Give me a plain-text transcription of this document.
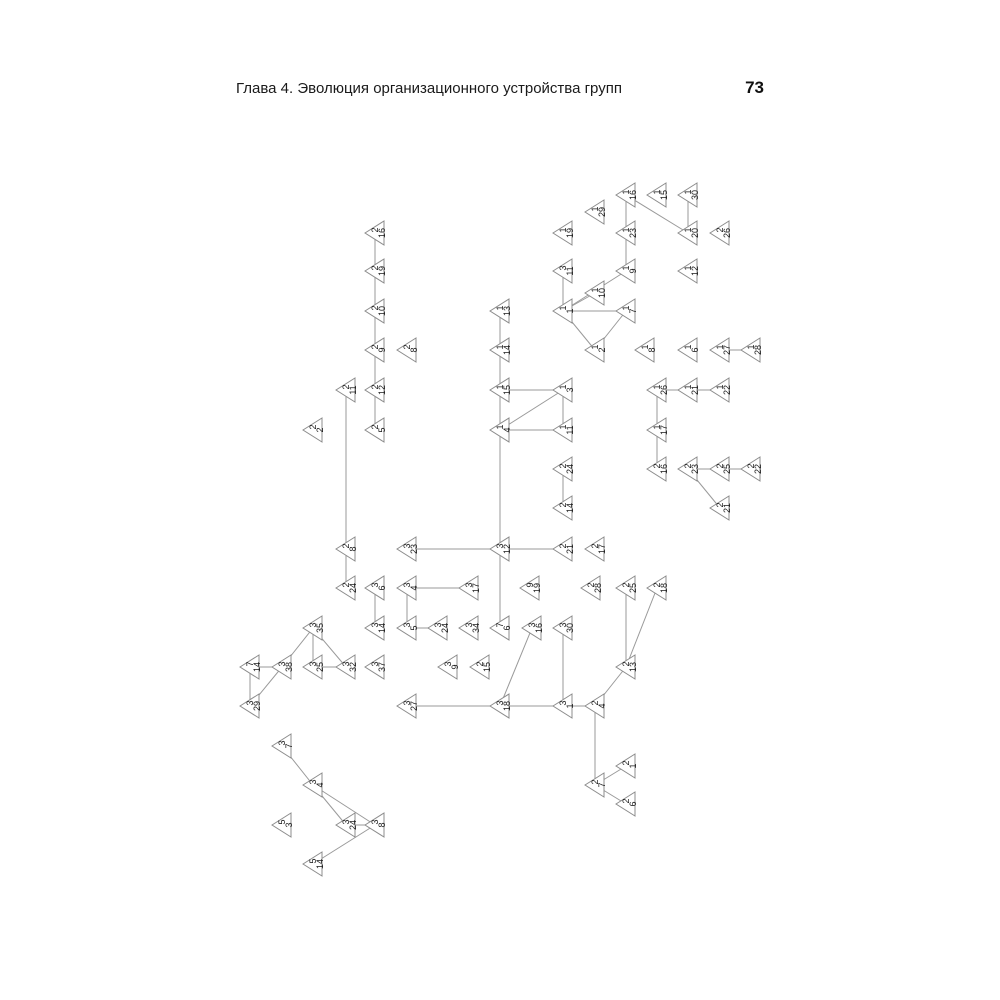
Глава 4. Эволюция организационного устройства групп	73
2
16
2
19
2
10
2
9
2
8
2
11 2
12
2
2
2
5
2
8
3
23
2
24 3
6
3
4
3
17
3
35	3
14 3
5
3
24 3
34
7
14 3
38 3
25 3
32 3
37	3
9
2
15
3
29	3
27
3
7
3
4
5
3
3
24 3
8
5
14
1
13
1
14
1
15	1
3
1
4
1
11
2
24
2
14
3
12	2
21 2
17
9
19	2
28
7
6
3
16 3
30
3
18	3
1
2
25 2
18
2
13
2
4
2
7
2
1
2
6
1
16 1
15 1
30
1
29
1
19	1
23	1
20 2
26
3
11	1
9
1
12
1
10
1
1
1
7
1
2
1
8
1
6
1
27 1
28
1
26 1
21 1
22
1
17
2
16 2
23 2
25 2
22
2
21
